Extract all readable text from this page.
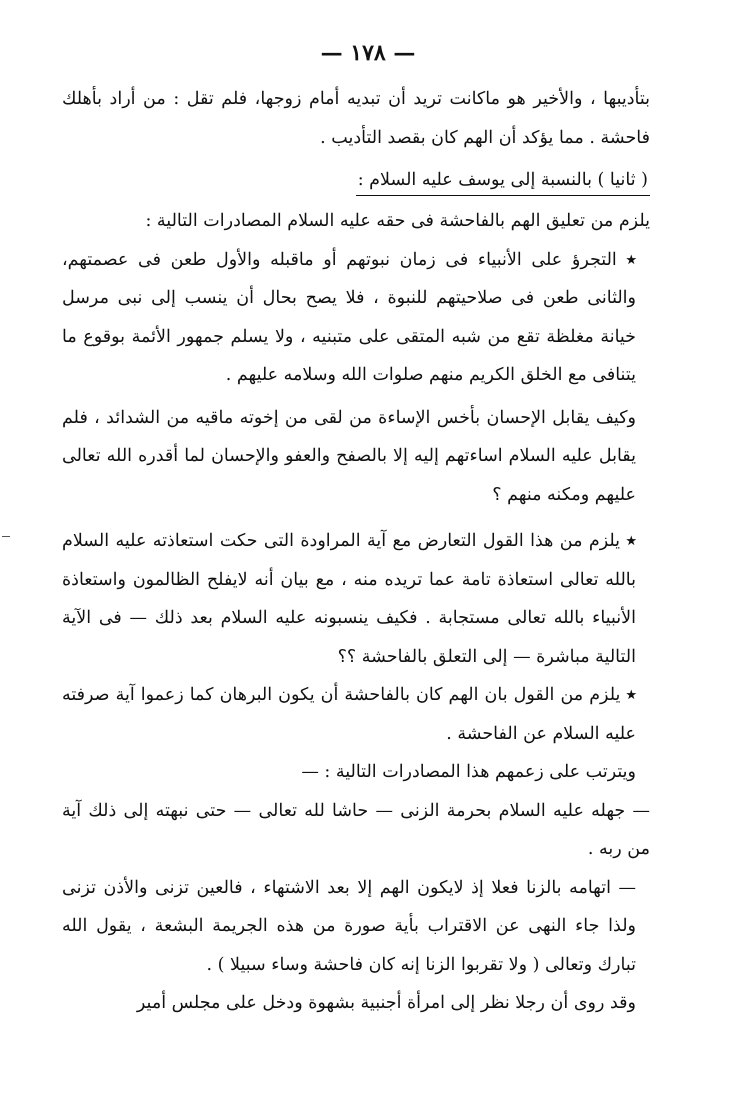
— ١٧٨ —

بتأديبها ، والأخير هو ماكانت تريد أن تبديه أمام زوجها، فلم تقل : من أراد بأهلك فاحشة . مما يؤكد أن الهم كان بقصد التأديب .

( ثانيا ) بالنسبة إلى يوسف عليه السلام :

يلزم من تعليق الهم بالفاحشة فى حقه عليه السلام المصادرات التالية :

٭ التجرؤ على الأنبياء فى زمان نبوتهم أو ماقبله والأول طعن فى عصمتهم، والثانى طعن فى صلاحيتهم للنبوة ، فلا يصح بحال أن ينسب إلى نبى مرسل خيانة مغلظة تقع من شبه المتقى على متبنيه ، ولا يسلم جمهور الأئمة بوقوع ما يتنافى مع الخلق الكريم منهم صلوات الله وسلامه عليهم .

وكيف يقابل الإحسان بأخس الإساءة من لقى من إخوته ماقيه من الشدائد ، فلم يقابل عليه السلام اساءتهم إليه إلا بالصفح والعفو والإحسان لما أقدره الله تعالى عليهم ومكنه منهم ؟

٭ يلزم من هذا القول التعارض مع آية المراودة التى حكت استعاذته عليه السلام بالله تعالى استعاذة تامة عما تريده منه ، مع بيان أنه لايفلح الظالمون واستعاذة الأنبياء بالله تعالى مستجابة . فكيف ينسبونه عليه السلام بعد ذلك — فى الآية التالية مباشرة — إلى التعلق بالفاحشة ؟؟

٭ يلزم من القول بان الهم كان بالفاحشة أن يكون البرهان كما زعموا آية صرفته عليه السلام عن الفاحشة .

ويترتب على زعمهم هذا المصادرات التالية : —

— جهله عليه السلام بحرمة الزنى — حاشا لله تعالى — حتى نبهته إلى ذلك آية من ربه .

— اتهامه بالزنا فعلا إذ لايكون الهم إلا بعد الاشتهاء ، فالعين تزنى والأذن تزنى ولذا جاء النهى عن الاقتراب بأية صورة من هذه الجريمة البشعة ، يقول الله تبارك وتعالى ( ولا تقربوا الزنا إنه كان فاحشة وساء سبيلا ) .

وقد روى أن رجلا نظر إلى امرأة أجنبية بشهوة ودخل على مجلس أمير
